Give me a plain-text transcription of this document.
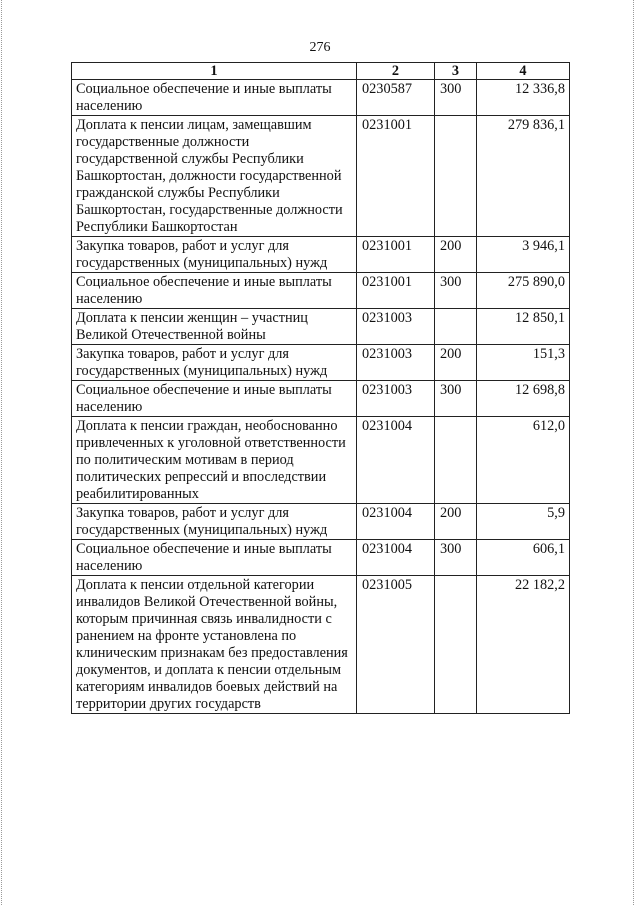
276
1	2	3	4
Социальное обеспечение и иные выплаты населению	0230587	300	12 336,8
Доплата к пенсии лицам, замещавшим государственные должности государственной службы Республики Башкортостан, должности государственной гражданской службы Республики Башкортостан, государственные должности Республики Башкортостан	0231001		279 836,1
Закупка товаров, работ и услуг для государственных (муниципальных) нужд	0231001	200	3 946,1
Социальное обеспечение и иные выплаты населению	0231001	300	275 890,0
Доплата к пенсии женщин – участниц Великой Отечественной войны	0231003		12 850,1
Закупка товаров, работ и услуг для государственных (муниципальных) нужд	0231003	200	151,3
Социальное обеспечение и иные выплаты населению	0231003	300	12 698,8
Доплата к пенсии граждан, необоснованно привлеченных к уголовной ответственности по политическим мотивам в период политических репрессий и впоследствии реабилитированных	0231004		612,0
Закупка товаров, работ и услуг для государственных (муниципальных) нужд	0231004	200	5,9
Социальное обеспечение и иные выплаты населению	0231004	300	606,1
Доплата к пенсии отдельной категории инвалидов Великой Отечественной войны, которым причинная связь инвалидности с ранением на фронте установлена по клиническим признакам без предоставления документов, и доплата к пенсии отдельным категориям инвалидов боевых действий на территории других государств	0231005		22 182,2
